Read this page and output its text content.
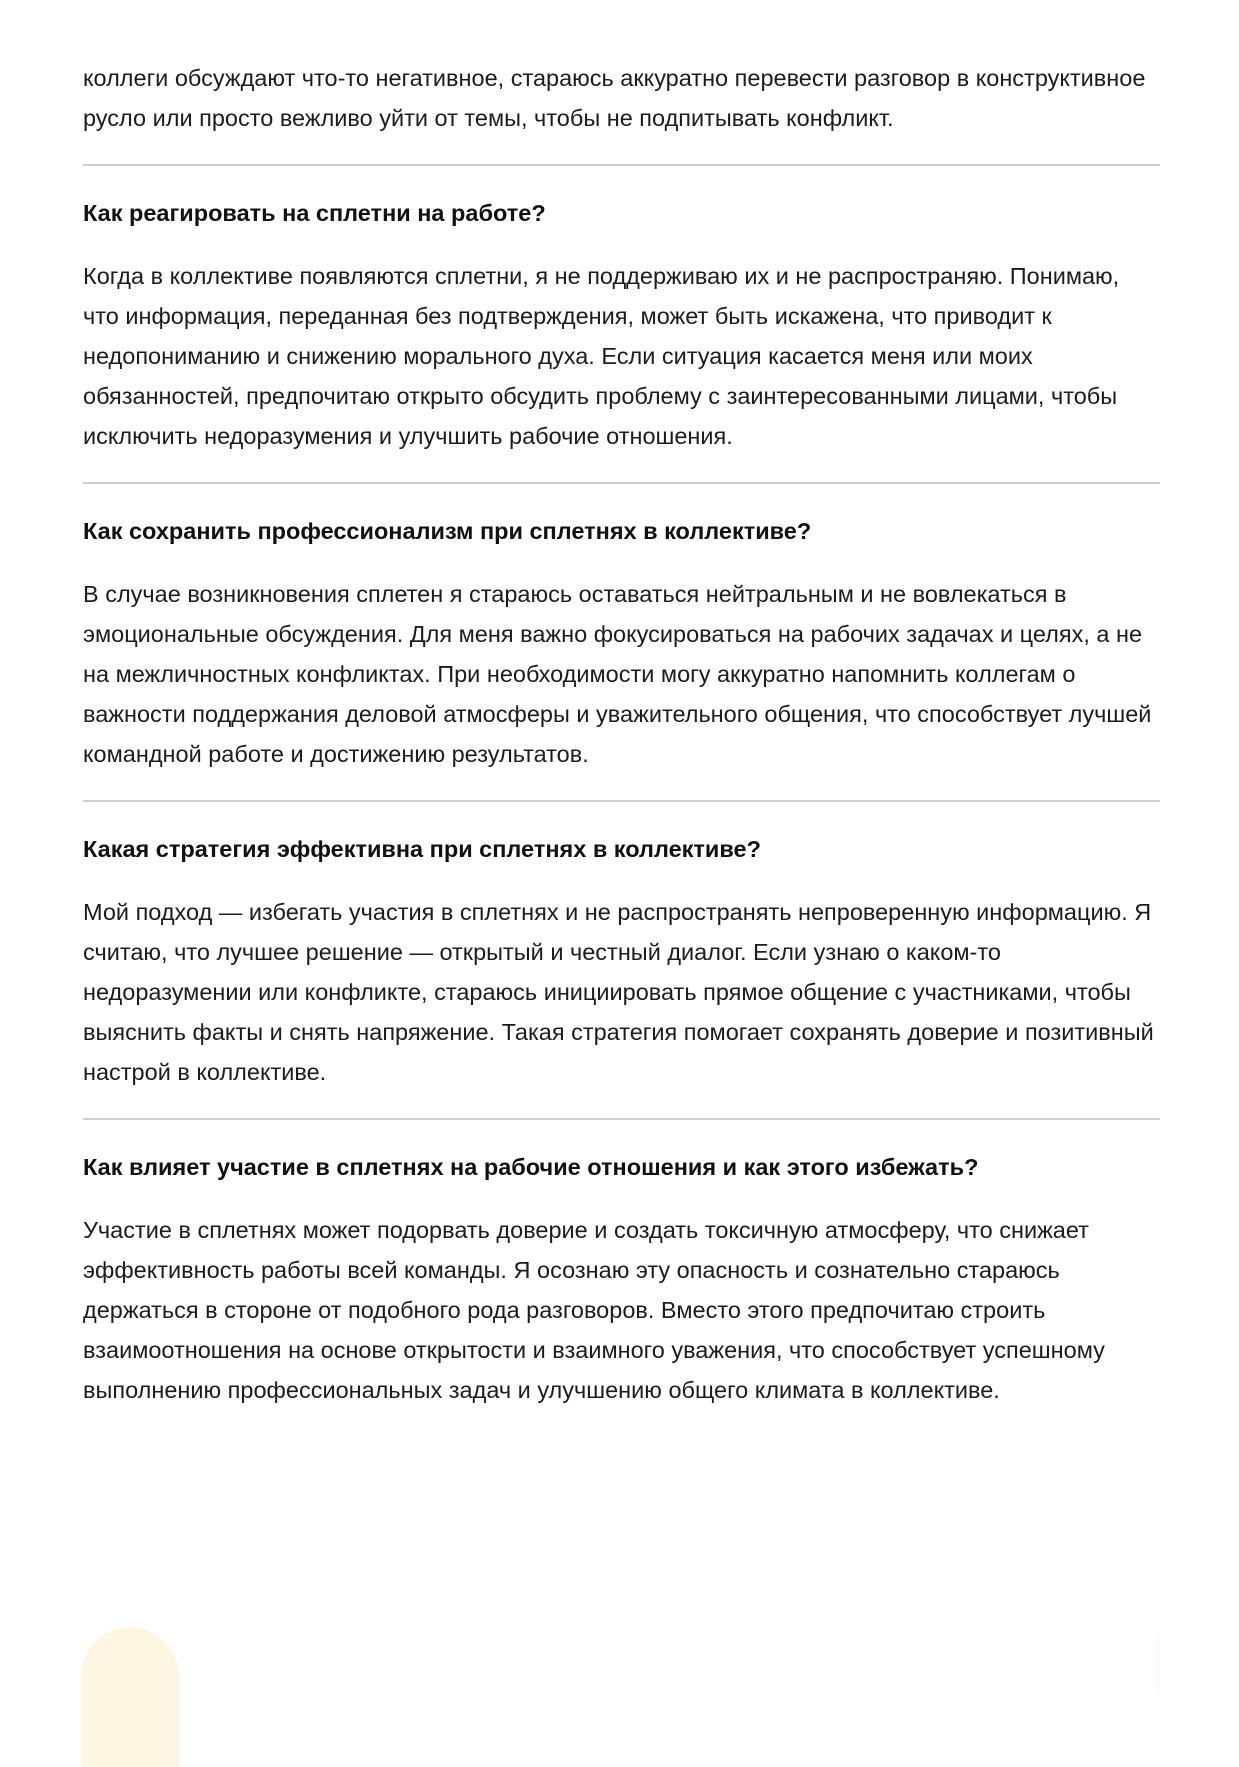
коллеги обсуждают что-то негативное, стараюсь аккуратно перевести разговор в конструктивное русло или просто вежливо уйти от темы, чтобы не подпитывать конфликт.

Как реагировать на сплетни на работе?

Когда в коллективе появляются сплетни, я не поддерживаю их и не распространяю. Понимаю, что информация, переданная без подтверждения, может быть искажена, что приводит к недопониманию и снижению морального духа. Если ситуация касается меня или моих обязанностей, предпочитаю открыто обсудить проблему с заинтересованными лицами, чтобы исключить недоразумения и улучшить рабочие отношения.

Как сохранить профессионализм при сплетнях в коллективе?

В случае возникновения сплетен я стараюсь оставаться нейтральным и не вовлекаться в эмоциональные обсуждения. Для меня важно фокусироваться на рабочих задачах и целях, а не на межличностных конфликтах. При необходимости могу аккуратно напомнить коллегам о важности поддержания деловой атмосферы и уважительного общения, что способствует лучшей командной работе и достижению результатов.

Какая стратегия эффективна при сплетнях в коллективе?

Мой подход — избегать участия в сплетнях и не распространять непроверенную информацию. Я считаю, что лучшее решение — открытый и честный диалог. Если узнаю о каком-то недоразумении или конфликте, стараюсь инициировать прямое общение с участниками, чтобы выяснить факты и снять напряжение. Такая стратегия помогает сохранять доверие и позитивный настрой в коллективе.

Как влияет участие в сплетнях на рабочие отношения и как этого избежать?

Участие в сплетнях может подорвать доверие и создать токсичную атмосферу, что снижает эффективность работы всей команды. Я осознаю эту опасность и сознательно стараюсь держаться в стороне от подобного рода разговоров. Вместо этого предпочитаю строить взаимоотношения на основе открытости и взаимного уважения, что способствует успешному выполнению профессиональных задач и улучшению общего климата в коллективе.
